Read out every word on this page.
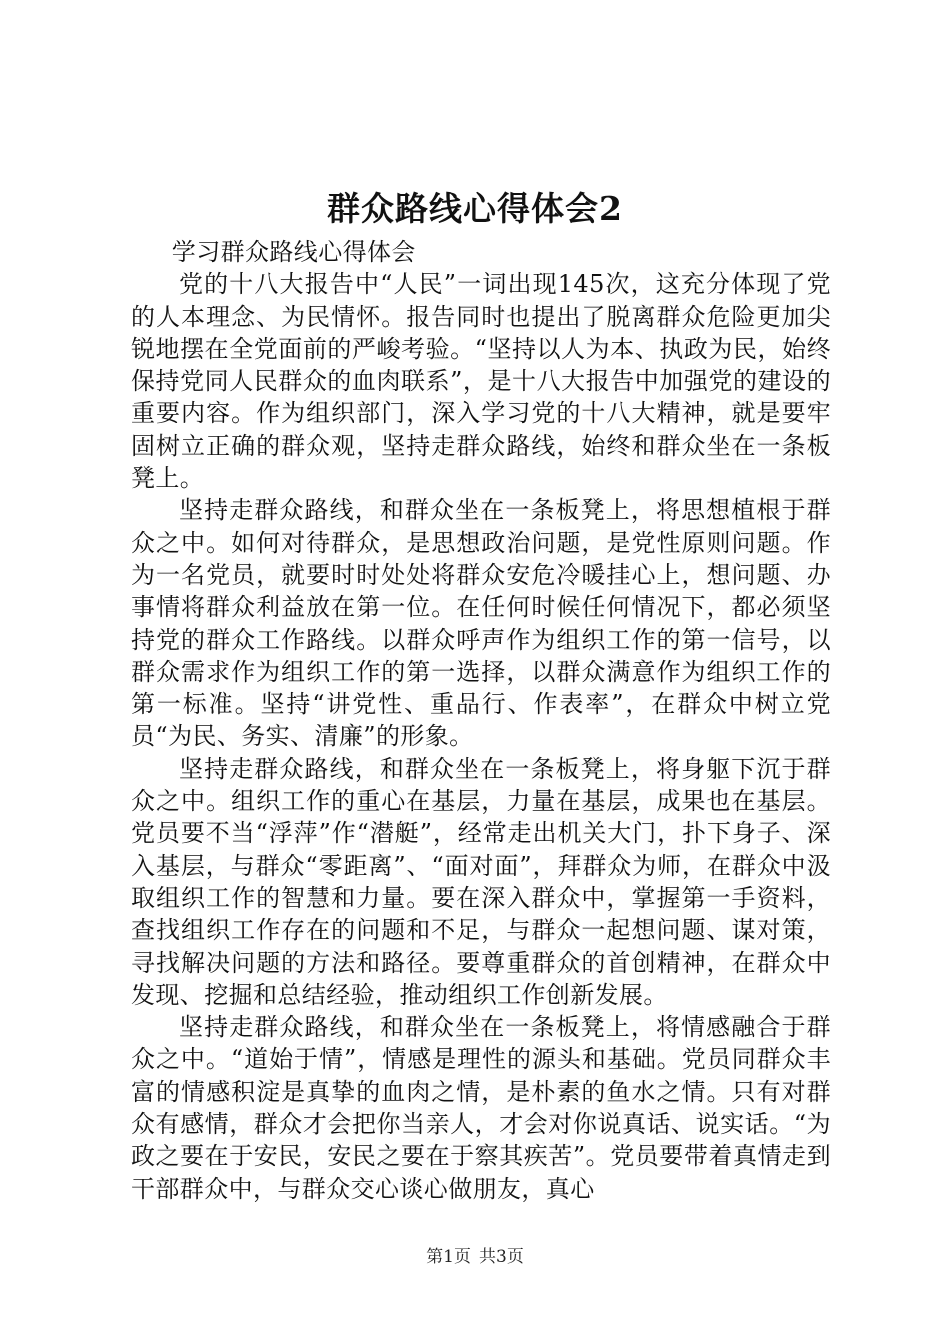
群众路线心得体会2
学习群众路线心得体会

党的十八大报告中“人民”一词出现145次，这充分体现了党的人本理念、为民情怀。报告同时也提出了脱离群众危险更加尖锐地摆在全党面前的严峻考验。“坚持以人为本、执政为民，始终保持党同人民群众的血肉联系”，是十八大报告中加强党的建设的重要内容。作为组织部门，深入学习党的十八大精神，就是要牢固树立正确的群众观，坚持走群众路线，始终和群众坐在一条板凳上。

坚持走群众路线，和群众坐在一条板凳上，将思想植根于群众之中。如何对待群众，是思想政治问题，是党性原则问题。作为一名党员，就要时时处处将群众安危冷暖挂心上，想问题、办事情将群众利益放在第一位。在任何时候任何情况下，都必须坚持党的群众工作路线。以群众呼声作为组织工作的第一信号，以群众需求作为组织工作的第一选择，以群众满意作为组织工作的第一标准。坚持“讲党性、重品行、作表率”，在群众中树立党员“为民、务实、清廉”的形象。

坚持走群众路线，和群众坐在一条板凳上，将身躯下沉于群众之中。组织工作的重心在基层，力量在基层，成果也在基层。党员要不当“浮萍”作“潜艇”，经常走出机关大门，扑下身子、深入基层，与群众“零距离”、“面对面”，拜群众为师，在群众中汲取组织工作的智慧和力量。要在深入群众中，掌握第一手资料，查找组织工作存在的问题和不足，与群众一起想问题、谋对策，寻找解决问题的方法和路径。要尊重群众的首创精神，在群众中发现、挖掘和总结经验，推动组织工作创新发展。

坚持走群众路线，和群众坐在一条板凳上，将情感融合于群众之中。“道始于情”，情感是理性的源头和基础。党员同群众丰富的情感积淀是真挚的血肉之情，是朴素的鱼水之情。只有对群众有感情，群众才会把你当亲人，才会对你说真话、说实话。“为政之要在于安民，安民之要在于察其疾苦”。党员要带着真情走到干部群众中，与群众交心谈心做朋友，真心

第1页 共3页
